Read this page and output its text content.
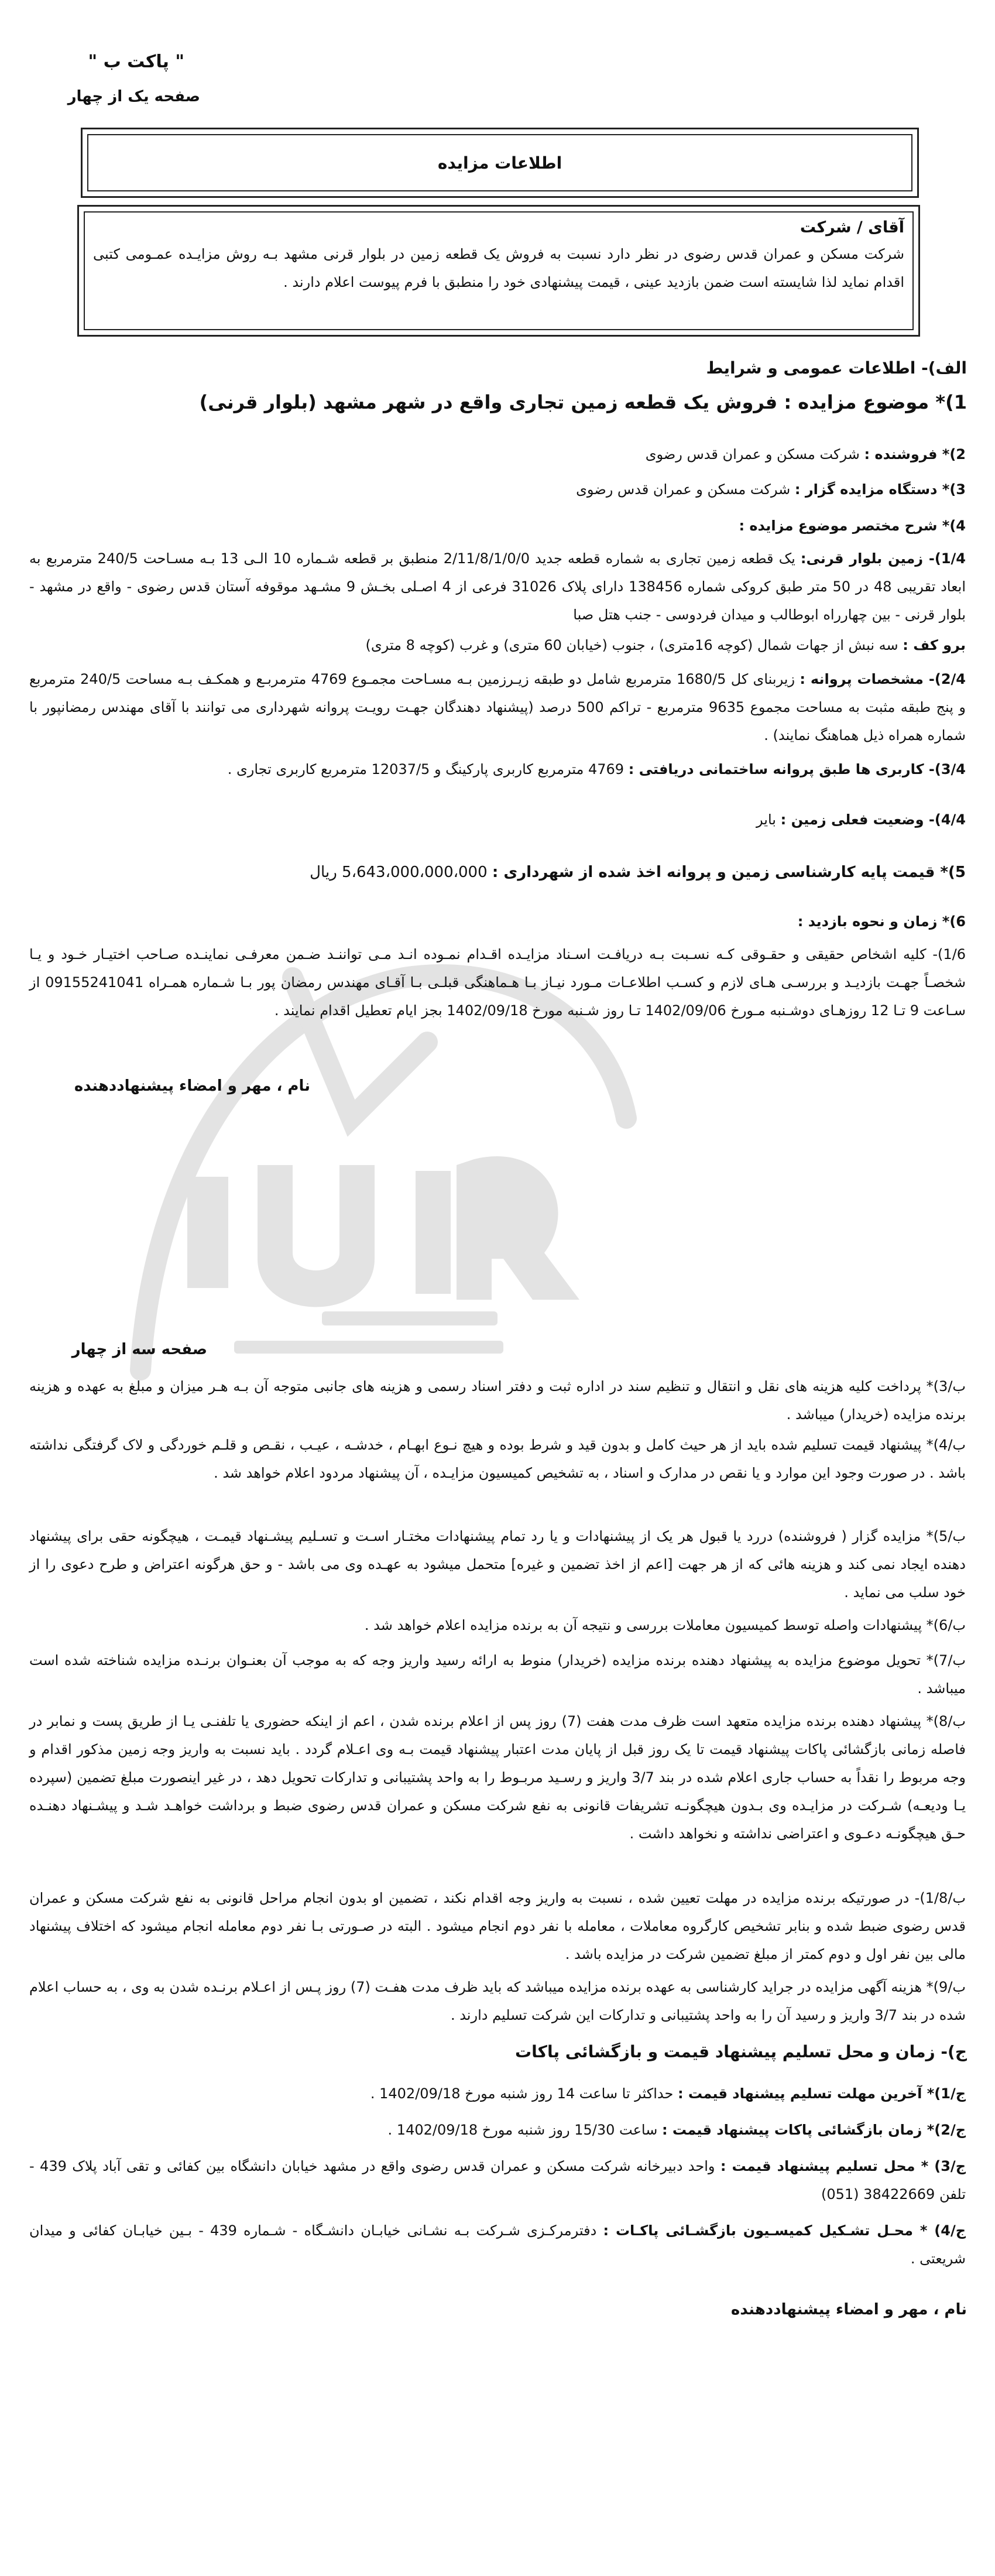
" پاکت ب "
صفحه یک از چهار
اطلاعات مزایده
آقای / شرکت
شرکت مسکن و عمران قدس رضوی در نظر دارد نسبت به فروش یک قطعه زمین در بلوار قرنی مشهد بـه روش مزایـده عمـومی کتبی اقدام نماید لذا شایسته است ضمن بازدید عینی ، قیمت پیشنهادی خود را منطبق با فرم پیوست اعلام دارند .
الف)- اطلاعات عمومی و شرایط
1)* موضوع مزایده : فروش یک قطعه زمین تجاری واقع در شهر مشهد (بلوار قرنی)
2)* فروشنده : شرکت مسکن و عمران قدس رضوی
3)* دستگاه مزایده گزار : شرکت مسکن و عمران قدس رضوی
4)* شرح مختصر موضوع مزایده :
1/4)- زمین بلوار قرنی: یک قطعه زمین تجاری به شماره قطعه جدید 2/11/8/1/0/0 منطبق بر قطعه شـماره 10 الـی 13 بـه مسـاحت 240/5 مترمربع به ابعاد تقریبی 48 در 50 متر طبق کروکی شماره 138456 دارای پلاک 31026 فرعی از 4 اصـلی بخـش 9 مشـهد موقوفه آستان قدس رضوی - واقع در مشهد - بلوار قرنی - بین چهارراه ابوطالب و میدان فردوسی - جنب هتل صبا
برو کف : سه نبش از جهات شمال (کوچه 16متری) ، جنوب (خیابان 60 متری) و غرب (کوچه 8 متری)
2/4)- مشخصات پروانه : زیربنای کل 1680/5 مترمربع شامل دو طبقه زیـرزمین بـه مسـاحت مجمـوع 4769 مترمربـع و همکـف بـه مساحت 240/5 مترمربع و پنج طبقه مثبت به مساحت مجموع 9635 مترمربع - تراکم 500 درصد (پیشنهاد دهندگان جهـت رویـت پروانه شهرداری می توانند با آقای مهندس رمضانپور با شماره همراه ذیل هماهنگ نمایند) .
3/4)- کاربری ها طبق پروانه ساختمانی دریافتی : 4769 مترمربع کاربری پارکینگ و 12037/5 مترمربع کاربری تجاری .
4/4)- وضعیت فعلی زمین : بایر
5)* قیمت پایه کارشناسی زمین و پروانه اخذ شده از شهرداری : 5،643،000،000،000 ریال
6)* زمان و نحوه بازدید :
1/6)- کلیه اشخاص حقیقی و حقـوقی کـه نسـبت بـه دریافـت اسـناد مزایـده اقـدام نمـوده انـد مـی تواننـد ضـمن معرفـی نماینـده صـاحب اختیـار خـود و یـا شخصـاً جهـت بازدیـد و بررسـی هـای لازم و کسـب اطلاعـات مـورد نیـاز بـا هـماهنگی قبلـی بـا آقـای مهندس رمضان پور بـا شـماره همـراه 09155241041 از سـاعت 9 تـا 12 روزهـای دوشـنبه مـورخ 1402/09/06 تـا روز شـنبه مورخ 1402/09/18 بجز ایام تعطیل اقدام نمایند .
نام ، مهر و امضاء پیشنهاددهنده
صفحه سه از چهار
ب/3)* پرداخت کلیه هزینه های نقل و انتقال و تنظیم سند در اداره ثبت و دفتر اسناد رسمی و هزینه های جانبی متوجه آن بـه هـر میزان و مبلغ به عهده و هزینه برنده مزایده (خریدار) میباشد .
ب/4)* پیشنهاد قیمت تسلیم شده باید از هر حیث کامل و بدون قید و شرط بوده و هیچ نـوع ابهـام ، خدشـه ، عیـب ، نقـص و قلـم خوردگی و لاک گرفتگی نداشته باشد . در صورت وجود این موارد و یا نقص در مدارک و اسناد ، به تشخیص کمیسیون مزایـده ، آن پیشنهاد مردود اعلام خواهد شد .
ب/5)* مزایده گزار ( فروشنده) دررد یا قبول هر یک از پیشنهادات و یا رد تمام پیشنهادات مختـار اسـت و تسـلیم پیشـنهاد قیمـت ، هیچگونه حقی برای پیشنهاد دهنده ایجاد نمی کند و هزینه هائی که از هر جهت [اعم از اخذ تضمین و غیره] متحمل میشود به عهـده وی می باشد - و حق هرگونه اعتراض و طرح دعوی را از خود سلب می نماید .
ب/6)* پیشنهادات واصله توسط کمیسیون معاملات بررسی و نتیجه آن به برنده مزایده اعلام خواهد شد .
ب/7)* تحویل موضوع مزایده به پیشنهاد دهنده برنده مزایده (خریدار) منوط به ارائه رسید واریز وجه که به موجب آن بعنـوان برنـده مزایده شناخته شده است میباشد .
ب/8)* پیشنهاد دهنده برنده مزایده متعهد است ظرف مدت هفت (7) روز پس از اعلام برنده شدن ، اعم از اینکه حضوری یا تلفنـی یـا از طریق پست و نمابر در فاصله زمانی بازگشائی پاکات پیشنهاد قیمت تا یک روز قبل از پایان مدت اعتبار پیشنهاد قیمت بـه وی اعـلام گردد . باید نسبت به واریز وجه زمین مذکور اقدام و وجه مربوط را نقداً به حساب جاری اعلام شده در بند 3/7 واریز و رسـید مربـوط را به واحد پشتیبانی و تدارکات تحویل دهد ، در غیر اینصورت مبلغ تضمین (سپرده یـا ودیعـه) شـرکت در مزایـده وی بـدون هیچگونـه تشریفات قانونی به نفع شرکت مسکن و عمران قدس رضوی ضبط و برداشت خواهـد شـد و پیشـنهاد دهنـده حـق هیچگونـه دعـوی و اعتراضی نداشته و نخواهد داشت .
ب/1/8)- در صورتیکه برنده مزایده در مهلت تعیین شده ، نسبت به واریز وجه اقدام نکند ، تضمین او بدون انجام مراحل قانونی به نفع شرکت مسکن و عمران قدس رضوی ضبط شده و بنابر تشخیص کارگروه معاملات ، معامله با نفر دوم انجام میشود . البته در صـورتی بـا نفر دوم معامله انجام میشود که اختلاف پیشنهاد مالی بین نفر اول و دوم کمتر از مبلغ تضمین شرکت در مزایده باشد .
ب/9)* هزینه آگهی مزایده در جراید کارشناسی به عهده برنده مزایده میباشد که باید ظرف مدت هفـت (7) روز پـس از اعـلام برنـده شدن به وی ، به حساب اعلام شده در بند 3/7 واریز و رسید آن را به واحد پشتیبانی و تدارکات این شرکت تسلیم دارند .
ج)- زمان و محل تسلیم پیشنهاد قیمت و بازگشائی پاکات
ج/1)* آخرین مهلت تسلیم پیشنهاد قیمت : حداکثر تا ساعت 14 روز شنبه مورخ 1402/09/18 .
ج/2)* زمان بازگشائی پاکات پیشنهاد قیمت : ساعت 15/30 روز شنبه مورخ 1402/09/18 .
ج/3) * محل تسلیم پیشنهاد قیمت : واحد دبیرخانه شرکت مسکن و عمران قدس رضوی واقع در مشهد خیابان دانشگاه بین کفائی و تقی آباد پلاک 439 - تلفن 38422669 (051)
ج/4) * محـل تشـکیل کمیسـیون بازگشـائی پاکـات : دفترمرکـزی شـرکت بـه نشـانی خیابـان دانشـگاه - شـماره 439 - بـین خیابـان کفائی و میدان شریعتی .
نام ، مهر و امضاء پیشنهاددهنده
